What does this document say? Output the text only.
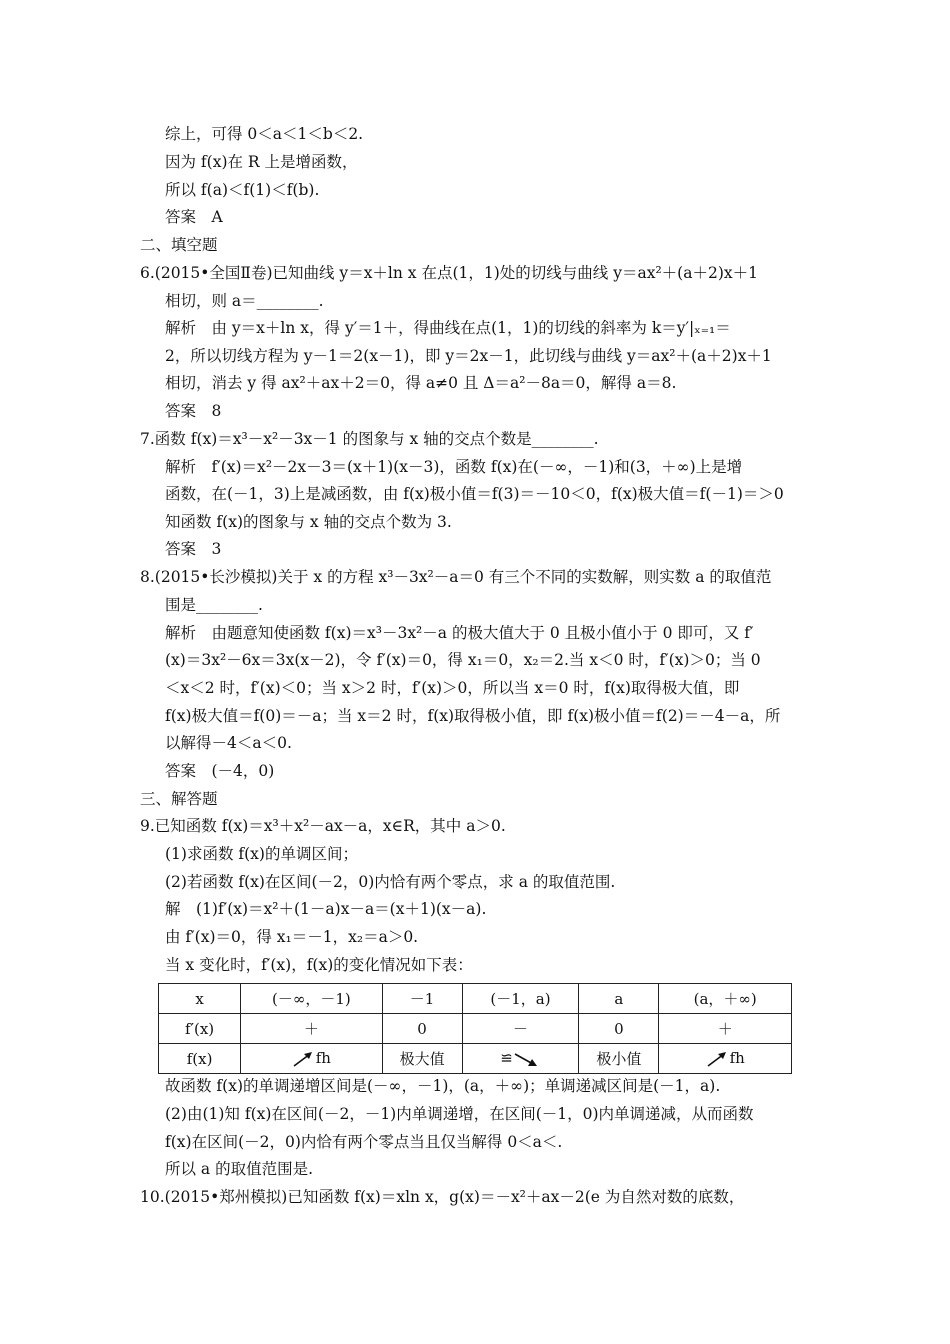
综上，可得 0＜a＜1＜b＜2.
因为 f(x)在 R 上是增函数，
所以 f(a)＜f(1)＜f(b).
答案　A
二、填空题
6.(2015•全国Ⅱ卷)已知曲线 y＝x＋ln x 在点(1，1)处的切线与曲线 y＝ax²＋(a＋2)x＋1
相切，则 a＝________.
解析　由 y＝x＋ln x，得 y′＝1＋，得曲线在点(1，1)的切线的斜率为 k＝y′|ₓ₌₁＝
2，所以切线方程为 y－1＝2(x－1)，即 y＝2x－1，此切线与曲线 y＝ax²＋(a＋2)x＋1
相切，消去 y 得 ax²＋ax＋2＝0，得 a≠0 且 Δ＝a²－8a＝0，解得 a＝8.
答案　8
7.函数 f(x)＝x³－x²－3x－1 的图象与 x 轴的交点个数是________.
解析　f′(x)＝x²－2x－3＝(x＋1)(x－3)，函数 f(x)在(－∞，－1)和(3，＋∞)上是增
函数，在(－1，3)上是减函数，由 f(x)极小值＝f(3)＝－10＜0，f(x)极大值＝f(－1)＝＞0
知函数 f(x)的图象与 x 轴的交点个数为 3.
答案　3
8.(2015•长沙模拟)关于 x 的方程 x³－3x²－a＝0 有三个不同的实数解，则实数 a 的取值范
围是________.
解析　由题意知使函数 f(x)＝x³－3x²－a 的极大值大于 0 且极小值小于 0 即可，又 f′
(x)＝3x²－6x＝3x(x－2)，令 f′(x)＝0，得 x₁＝0，x₂＝2.当 x＜0 时，f′(x)＞0；当 0
＜x＜2 时，f′(x)＜0；当 x＞2 时，f′(x)＞0，所以当 x＝0 时，f(x)取得极大值，即
f(x)极大值＝f(0)＝－a；当 x＝2 时，f(x)取得极小值，即 f(x)极小值＝f(2)＝－4－a，所
以解得－4＜a＜0.
答案　(－4，0)
三、解答题
9.已知函数 f(x)＝x³＋x²－ax－a，x∈R，其中 a＞0.
(1)求函数 f(x)的单调区间；
(2)若函数 f(x)在区间(－2，0)内恰有两个零点，求 a 的取值范围.
解　(1)f′(x)＝x²＋(1－a)x－a＝(x＋1)(x－a).
由 f′(x)＝0，得 x₁＝－1，x₂＝a＞0.
当 x 变化时，f′(x)，f(x)的变化情况如下表：
x	(－∞，－1)	－1	(－1，a)	a	(a，＋∞)
f′(x)	＋	0	－	0	＋
f(x)	fh	极大值	≌	极小值	fh
故函数 f(x)的单调递增区间是(－∞，－1)，(a，＋∞)；单调递减区间是(－1，a).
(2)由(1)知 f(x)在区间(－2，－1)内单调递增，在区间(－1，0)内单调递减，从而函数
f(x)在区间(－2，0)内恰有两个零点当且仅当解得 0＜a＜.
所以 a 的取值范围是.
10.(2015•郑州模拟)已知函数 f(x)＝xln x，g(x)＝－x²＋ax－2(e 为自然对数的底数，
